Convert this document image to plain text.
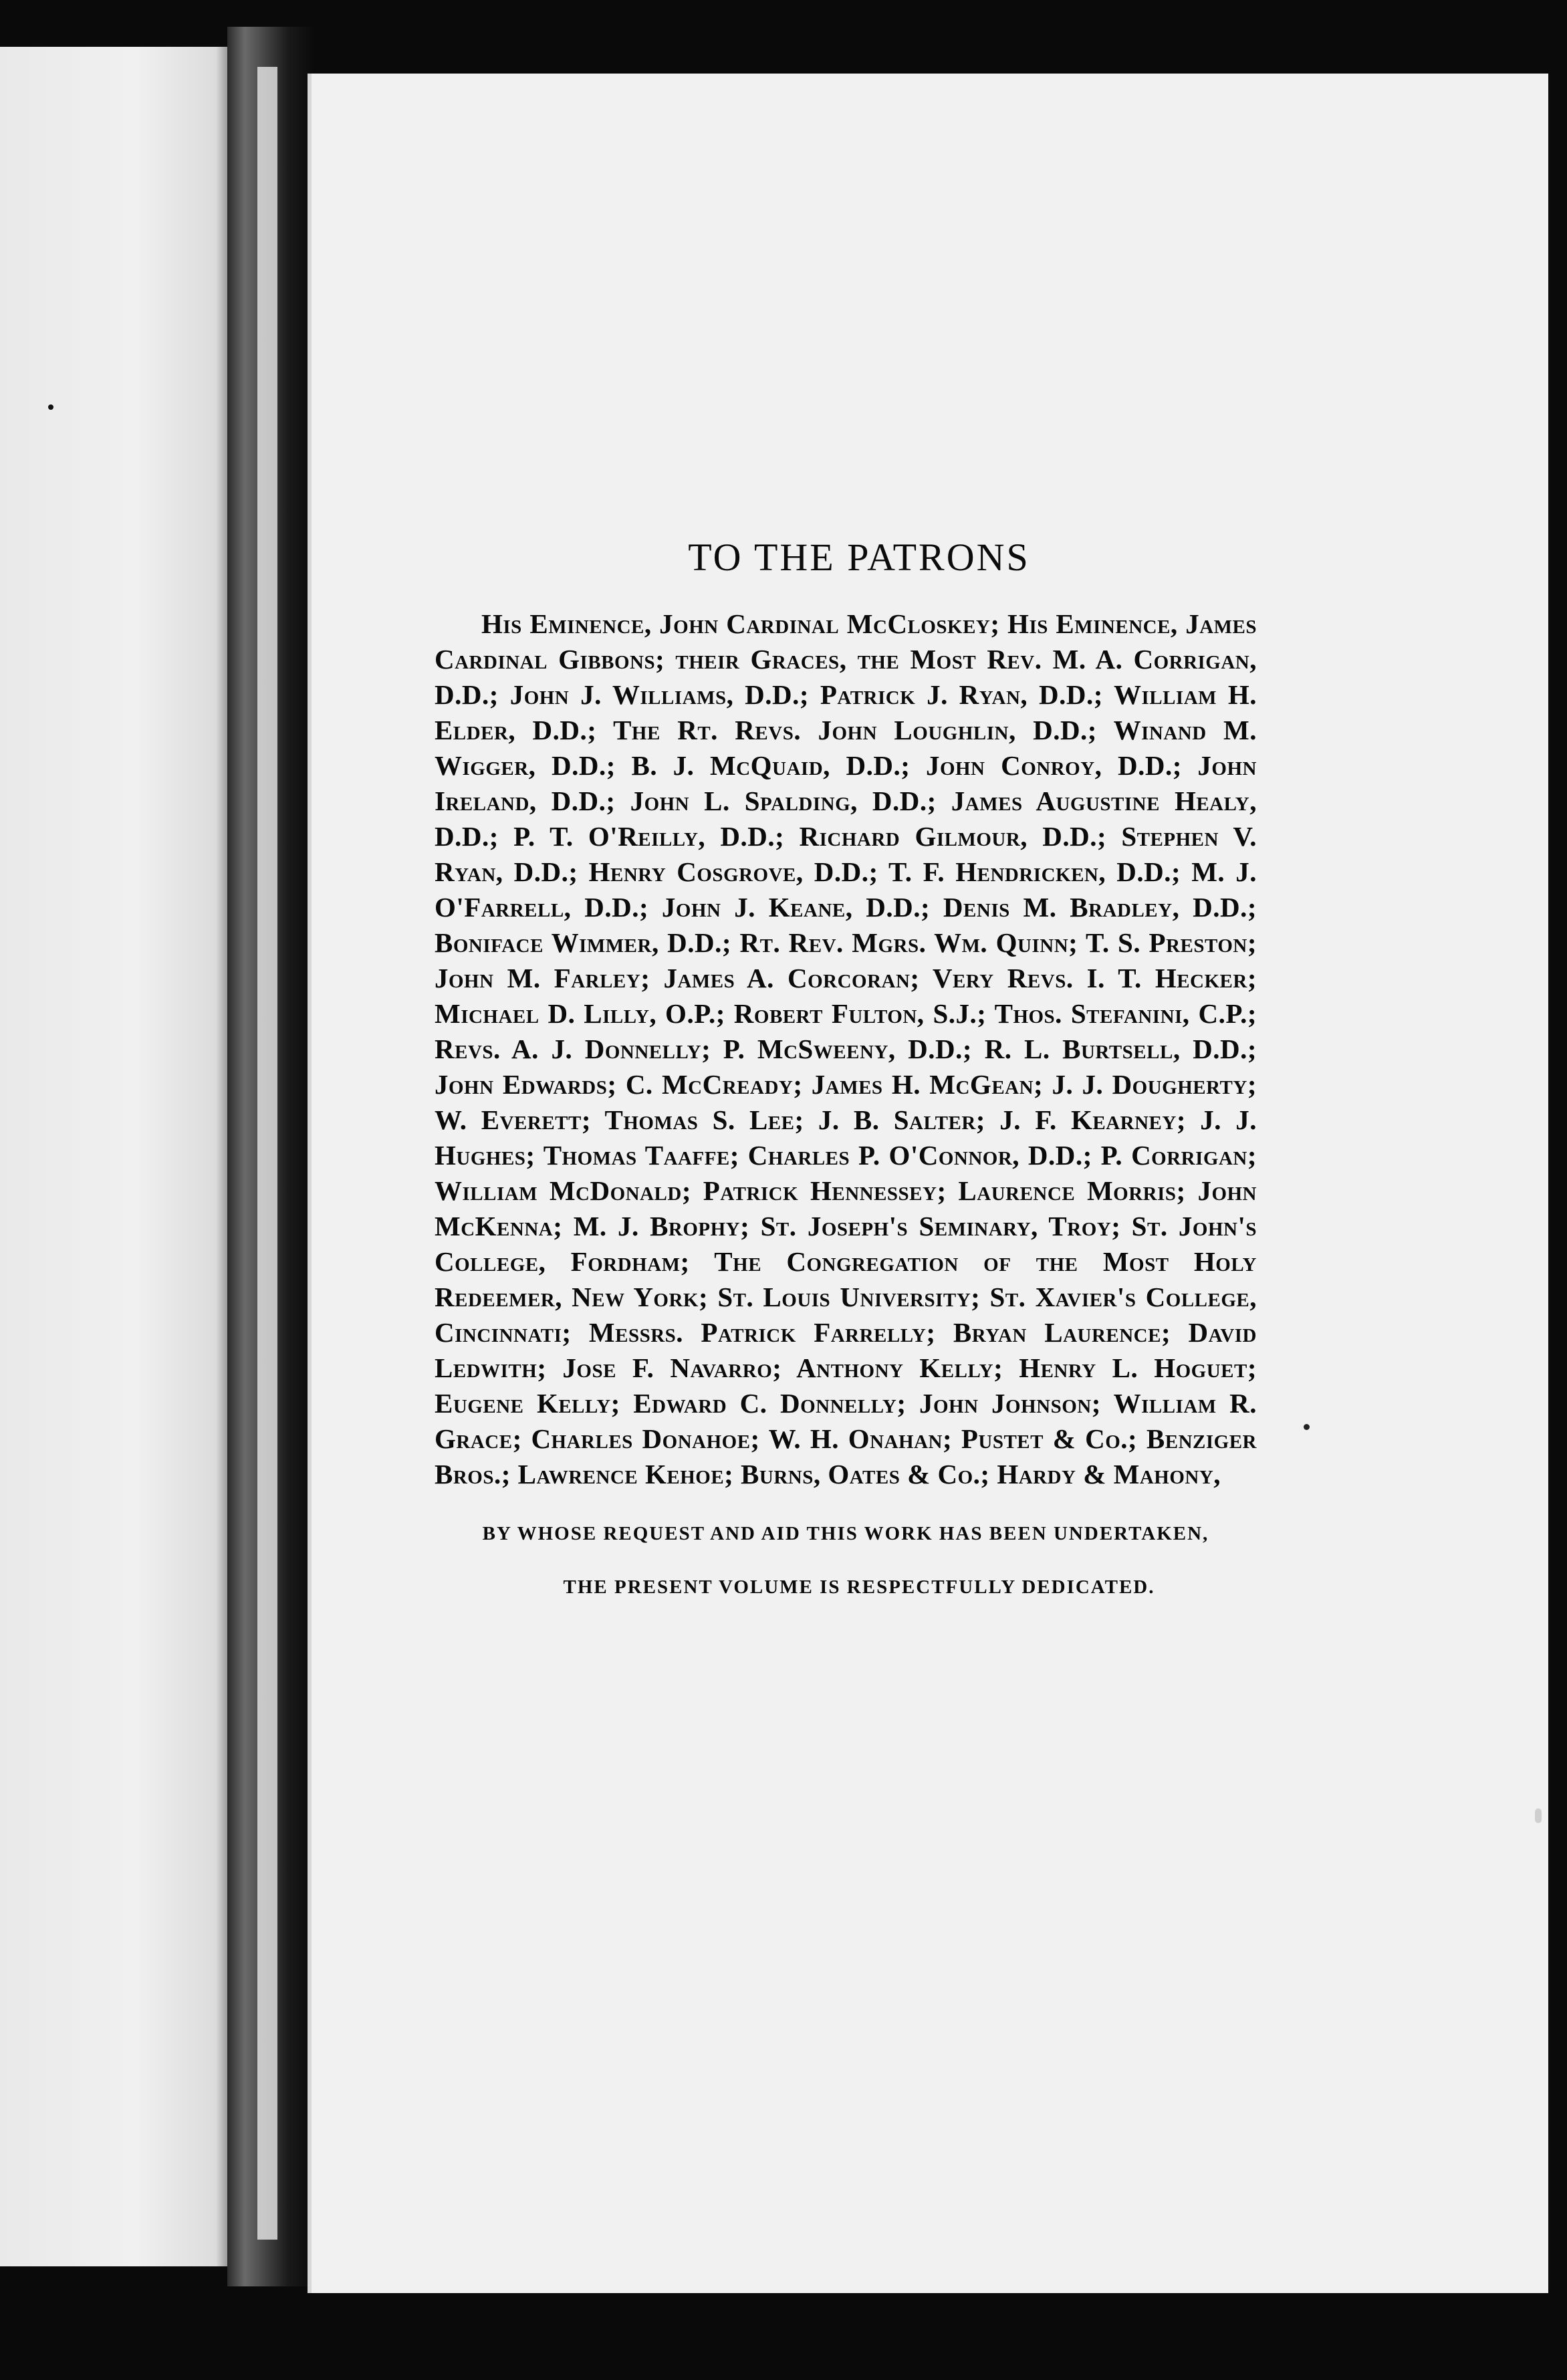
TO THE PATRONS

His Eminence, John Cardinal McCloskey; His Eminence, James Cardinal Gibbons; their Graces, the Most Rev. M. A. Corrigan, D.D.; John J. Williams, D.D.; Patrick J. Ryan, D.D.; William H. Elder, D.D.; The Rt. Revs. John Loughlin, D.D.; Winand M. Wigger, D.D.; B. J. McQuaid, D.D.; John Conroy, D.D.; John Ireland, D.D.; John L. Spalding, D.D.; James Augustine Healy, D.D.; P. T. O'Reilly, D.D.; Richard Gilmour, D.D.; Stephen V. Ryan, D.D.; Henry Cosgrove, D.D.; T. F. Hendricken, D.D.; M. J. O'Farrell, D.D.; John J. Keane, D.D.; Denis M. Bradley, D.D.; Boniface Wimmer, D.D.; Rt. Rev. Mgrs. Wm. Quinn; T. S. Preston; John M. Farley; James A. Corcoran; Very Revs. I. T. Hecker; Michael D. Lilly, O.P.; Robert Fulton, S.J.; Thos. Stefanini, C.P.; Revs. A. J. Donnelly; P. McSweeny, D.D.; R. L. Burtsell, D.D.; John Edwards; C. McCready; James H. McGean; J. J. Dougherty; W. Everett; Thomas S. Lee; J. B. Salter; J. F. Kearney; J. J. Hughes; Thomas Taaffe; Charles P. O'Connor, D.D.; P. Corrigan; William McDonald; Patrick Hennessey; Laurence Morris; John McKenna; M. J. Brophy; St. Joseph's Seminary, Troy; St. John's College, Fordham; The Congregation of the Most Holy Redeemer, New York; St. Louis University; St. Xavier's College, Cincinnati; Messrs. Patrick Farrelly; Bryan Laurence; David Ledwith; Jose F. Navarro; Anthony Kelly; Henry L. Hoguet; Eugene Kelly; Edward C. Donnelly; John Johnson; William R. Grace; Charles Donahoe; W. H. Onahan; Pustet & Co.; Benziger Bros.; Lawrence Kehoe; Burns, Oates & Co.; Hardy & Mahony,

BY WHOSE REQUEST AND AID THIS WORK HAS BEEN UNDERTAKEN,
THE PRESENT VOLUME IS RESPECTFULLY DEDICATED.
